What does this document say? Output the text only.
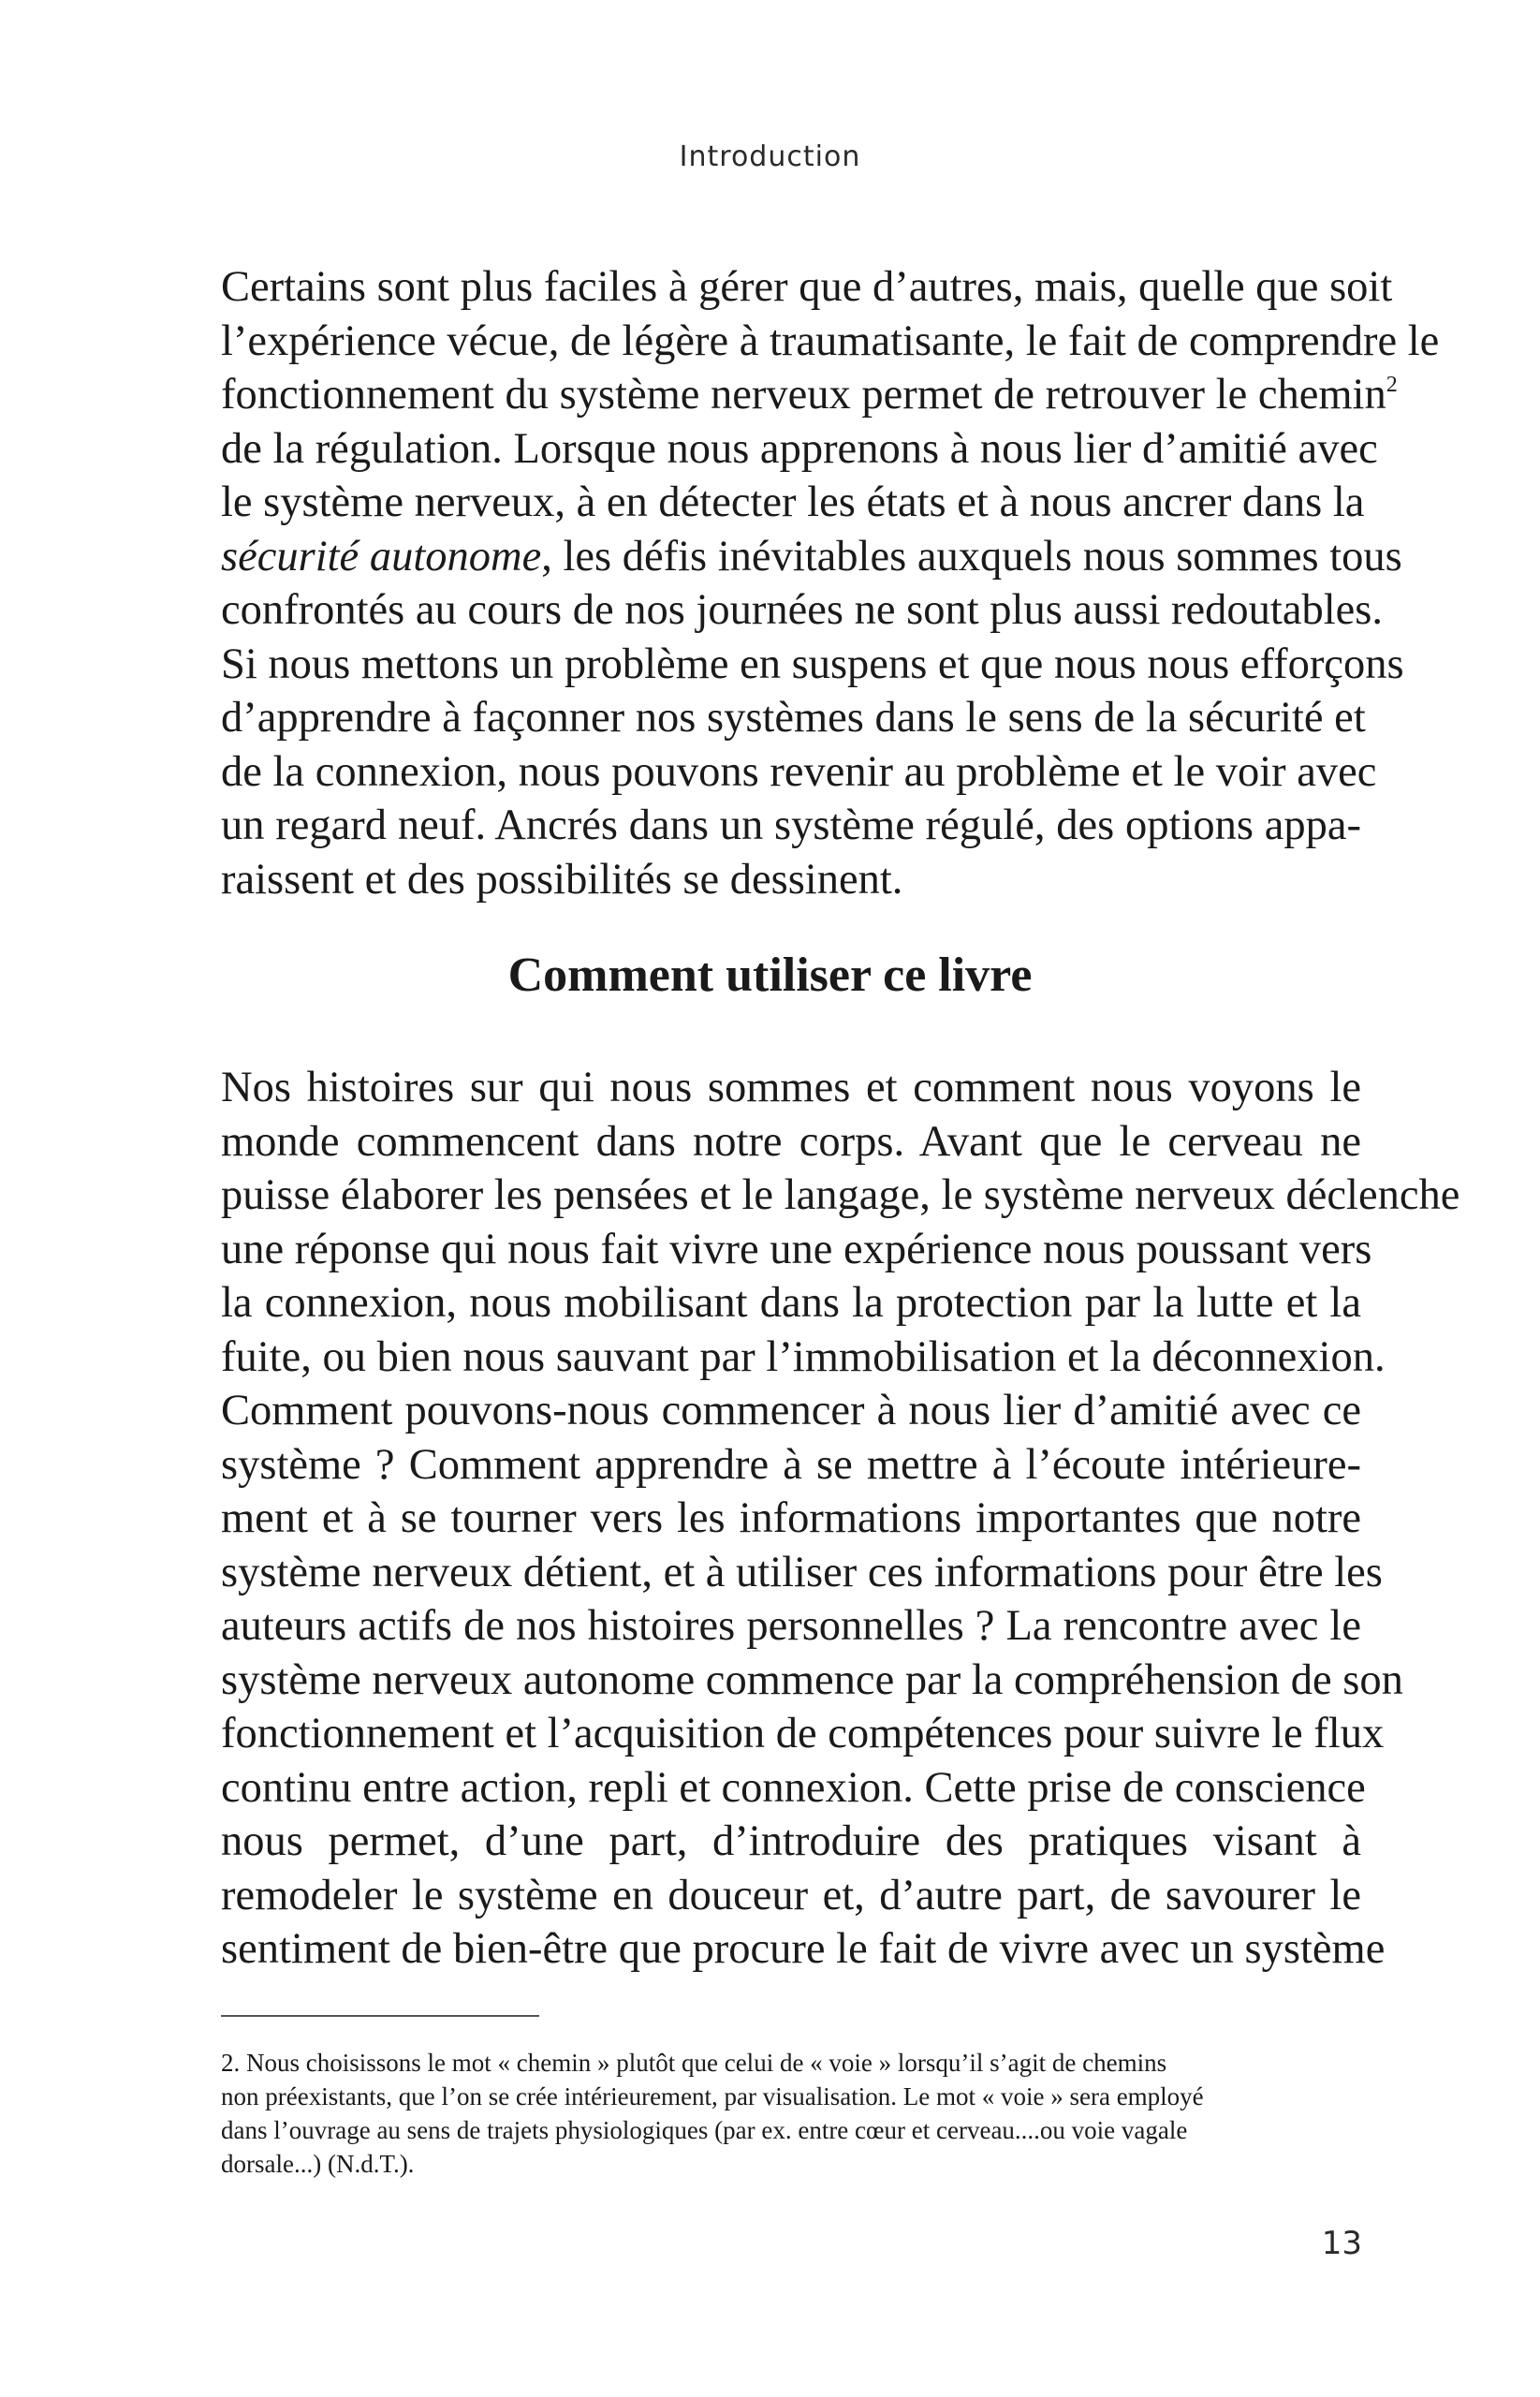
Introduction
Certains sont plus faciles à gérer que d’autres, mais, quelle que soit
l’expérience vécue, de légère à traumatisante, le fait de comprendre le
fonctionnement du système nerveux permet de retrouver le chemin$^2$
de la régulation. Lorsque nous apprenons à nous lier d’amitié avec
le système nerveux, à en détecter les états et à nous ancrer dans la
sécurité autonome, les défis inévitables auxquels nous sommes tous
confrontés au cours de nos journées ne sont plus aussi redoutables.
Si nous mettons un problème en suspens et que nous nous efforçons
d’apprendre à façonner nos systèmes dans le sens de la sécurité et
de la connexion, nous pouvons revenir au problème et le voir avec
un regard neuf. Ancrés dans un système régulé, des options appa-
raissent et des possibilités se dessinent.
Comment utiliser ce livre
Nos histoires sur qui nous sommes et comment nous voyons le
monde commencent dans notre corps. Avant que le cerveau ne
puisse élaborer les pensées et le langage, le système nerveux déclenche
une réponse qui nous fait vivre une expérience nous poussant vers
la connexion, nous mobilisant dans la protection par la lutte et la
fuite, ou bien nous sauvant par l’immobilisation et la déconnexion.
Comment pouvons-nous commencer à nous lier d’amitié avec ce
système ? Comment apprendre à se mettre à l’écoute intérieure-
ment et à se tourner vers les informations importantes que notre
système nerveux détient, et à utiliser ces informations pour être les
auteurs actifs de nos histoires personnelles ? La rencontre avec le
système nerveux autonome commence par la compréhension de son
fonctionnement et l’acquisition de compétences pour suivre le flux
continu entre action, repli et connexion. Cette prise de conscience
nous permet, d’une part, d’introduire des pratiques visant à
remodeler le système en douceur et, d’autre part, de savourer le
sentiment de bien-être que procure le fait de vivre avec un système
2. Nous choisissons le mot « chemin » plutôt que celui de « voie » lorsqu’il s’agit de chemins
non préexistants, que l’on se crée intérieurement, par visualisation. Le mot « voie » sera employé
dans l’ouvrage au sens de trajets physiologiques (par ex. entre cœur et cerveau....ou voie vagale
dorsale...) (N.d.T.).
13
